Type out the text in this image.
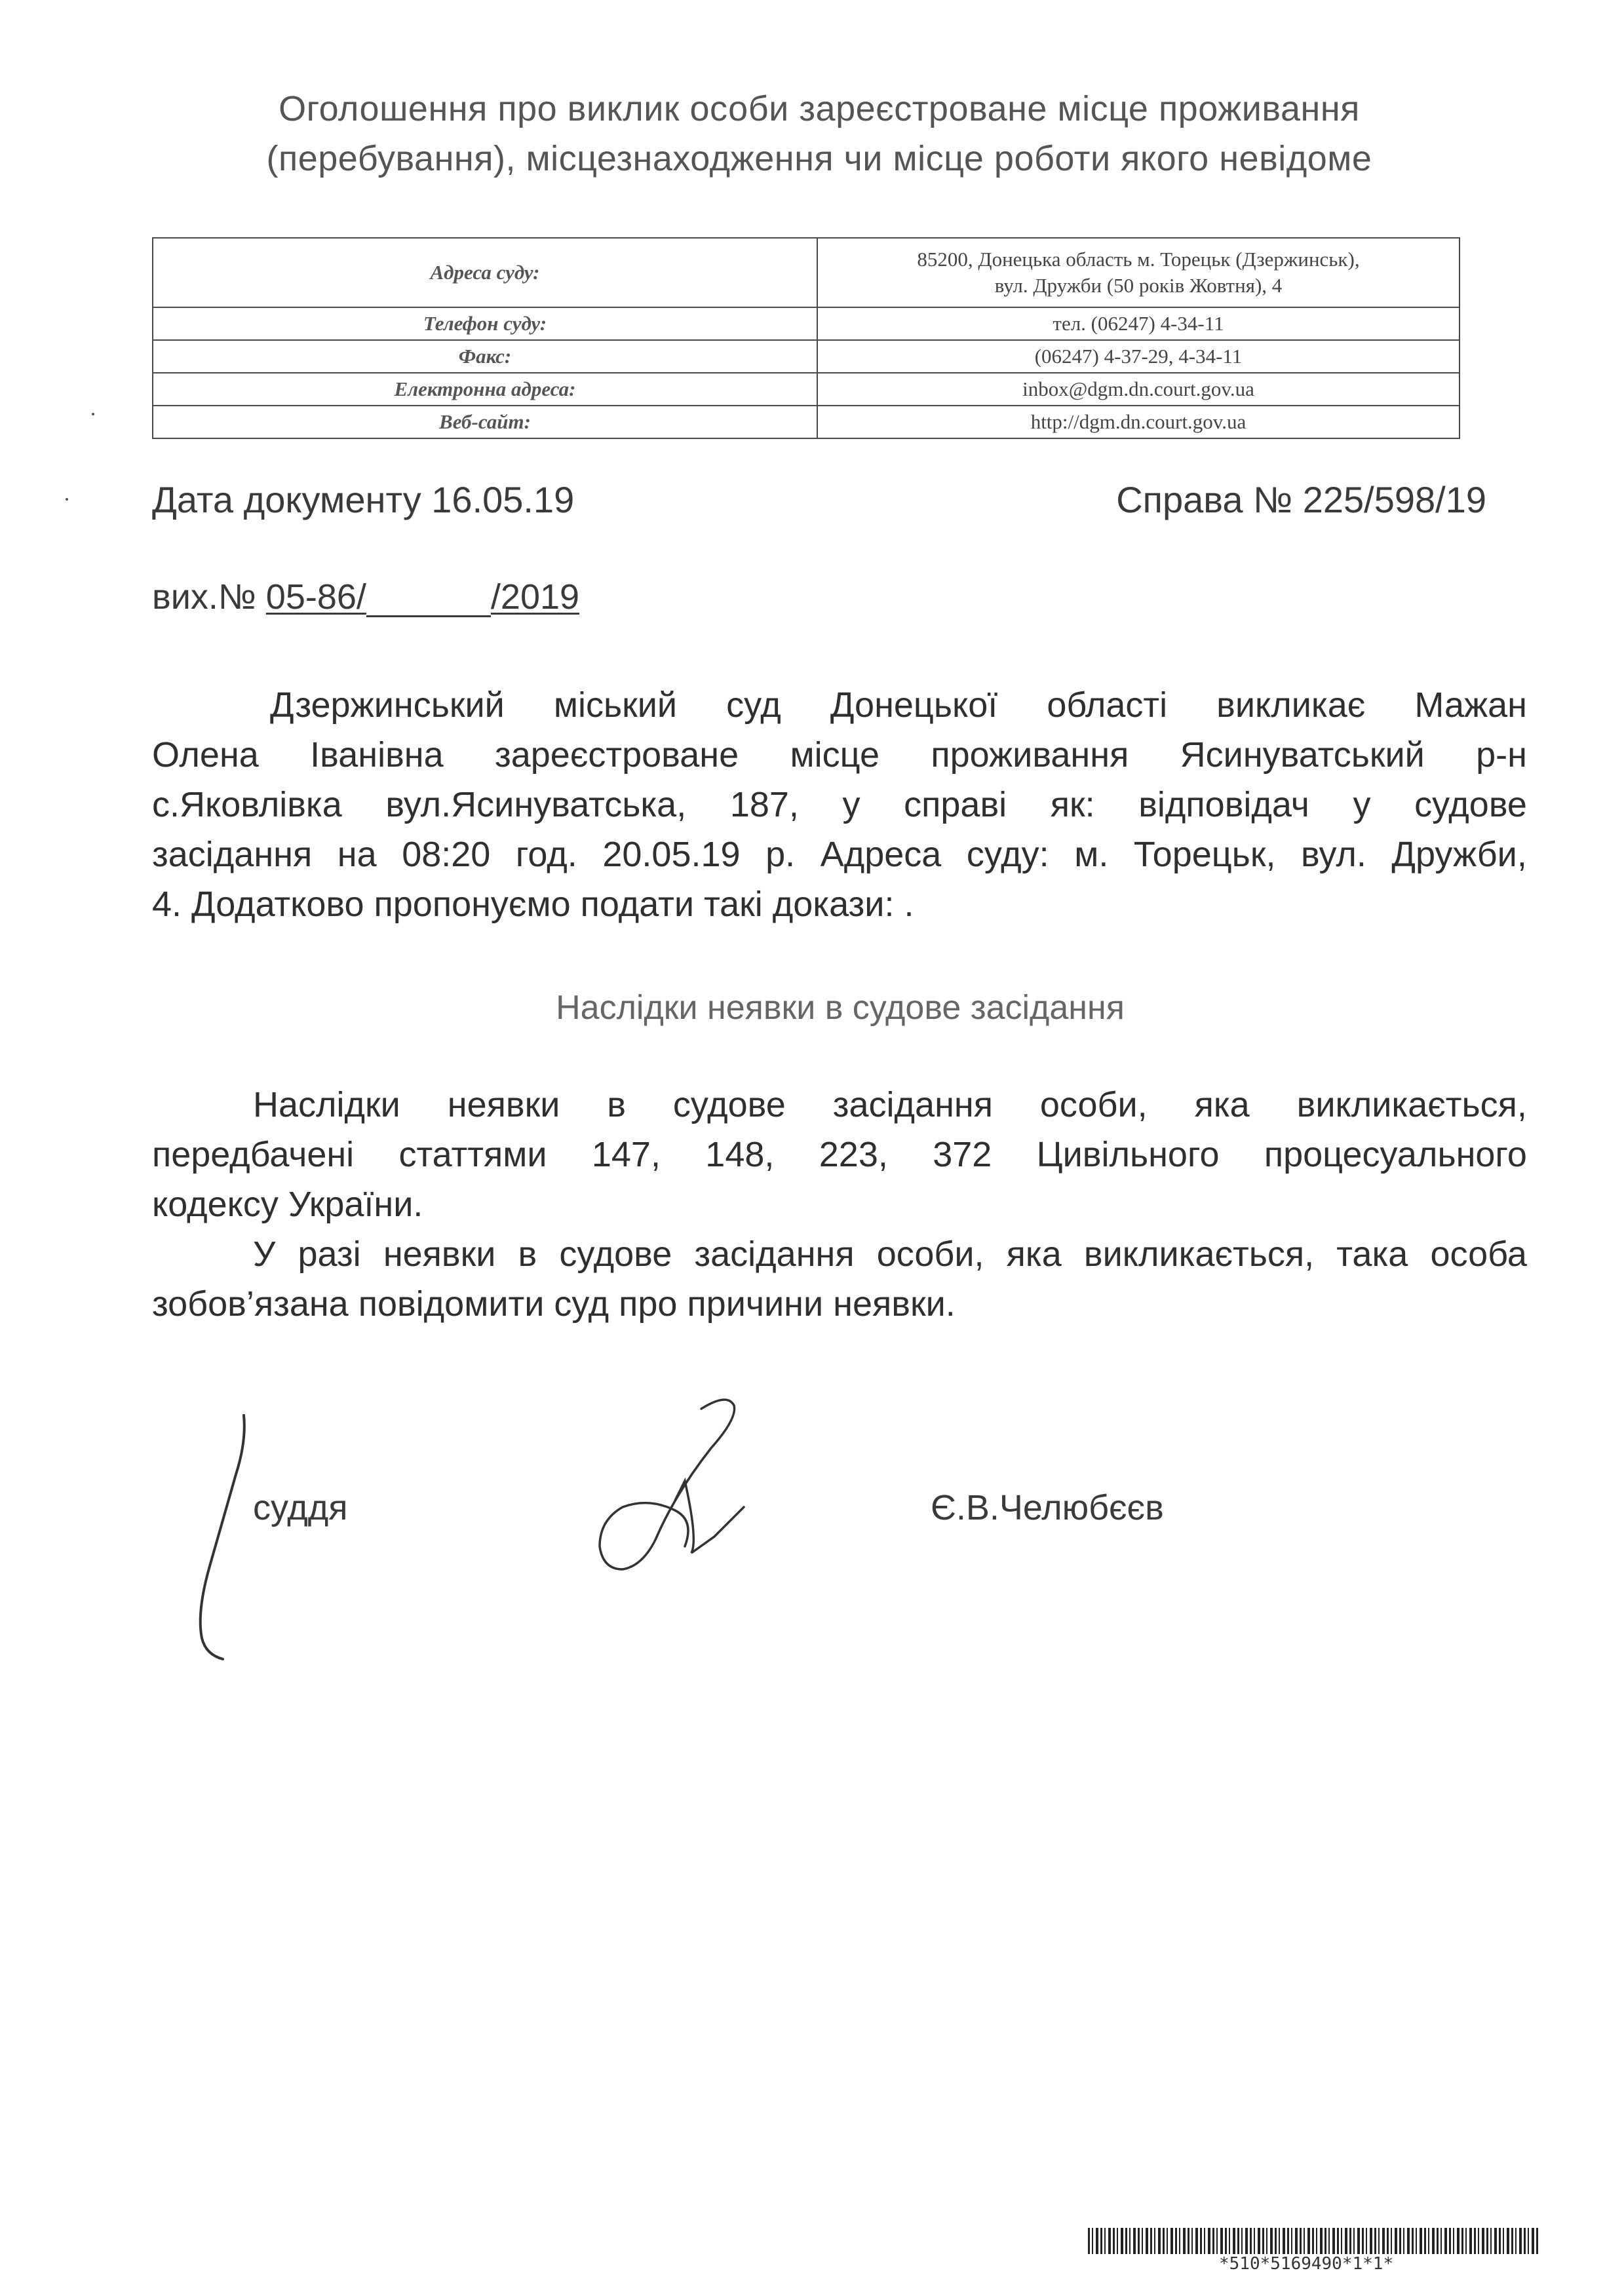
Оголошення про виклик особи зареєстроване місце проживання
(перебування), місцезнаходження чи місце роботи якого невідоме
Адреса суду:	85200, Донецька область м. Торецьк (Дзержинськ),
вул. Дружби (50 років Жовтня), 4

Телефон суду:	тел. (06247) 4-34-11
Факс:	(06247) 4-37-29, 4-34-11
Електронна адреса:	inbox@dgm.dn.court.gov.ua
Веб-сайт:	http://dgm.dn.court.gov.ua
Дата документу 16.05.19	Справа № 225/598/19
вих.№ 05-86/	/2019
Дзержинський міський суд Донецької області викликає Мажан
Олена Іванівна зареєстроване місце проживання Ясинуватський р-н
с.Яковлівка вул.Ясинуватська, 187, у справі як: відповідач у судове
засідання на 08:20 год. 20.05.19 р. Адреса суду: м. Торецьк, вул. Дружби,
4. Додатково пропонуємо подати такі докази: .
Наслідки неявки в судове засідання
Наслідки неявки в судове засідання особи, яка викликається,
передбачені статтями 147, 148, 223, 372 Цивільного процесуального
кодексу України.
У разі неявки в судове засідання особи, яка викликається, така особа
зобов’язана повідомити суд про причини неявки.
суддя	Є.В.Челюбєєв
*510*5169490*1*1*
